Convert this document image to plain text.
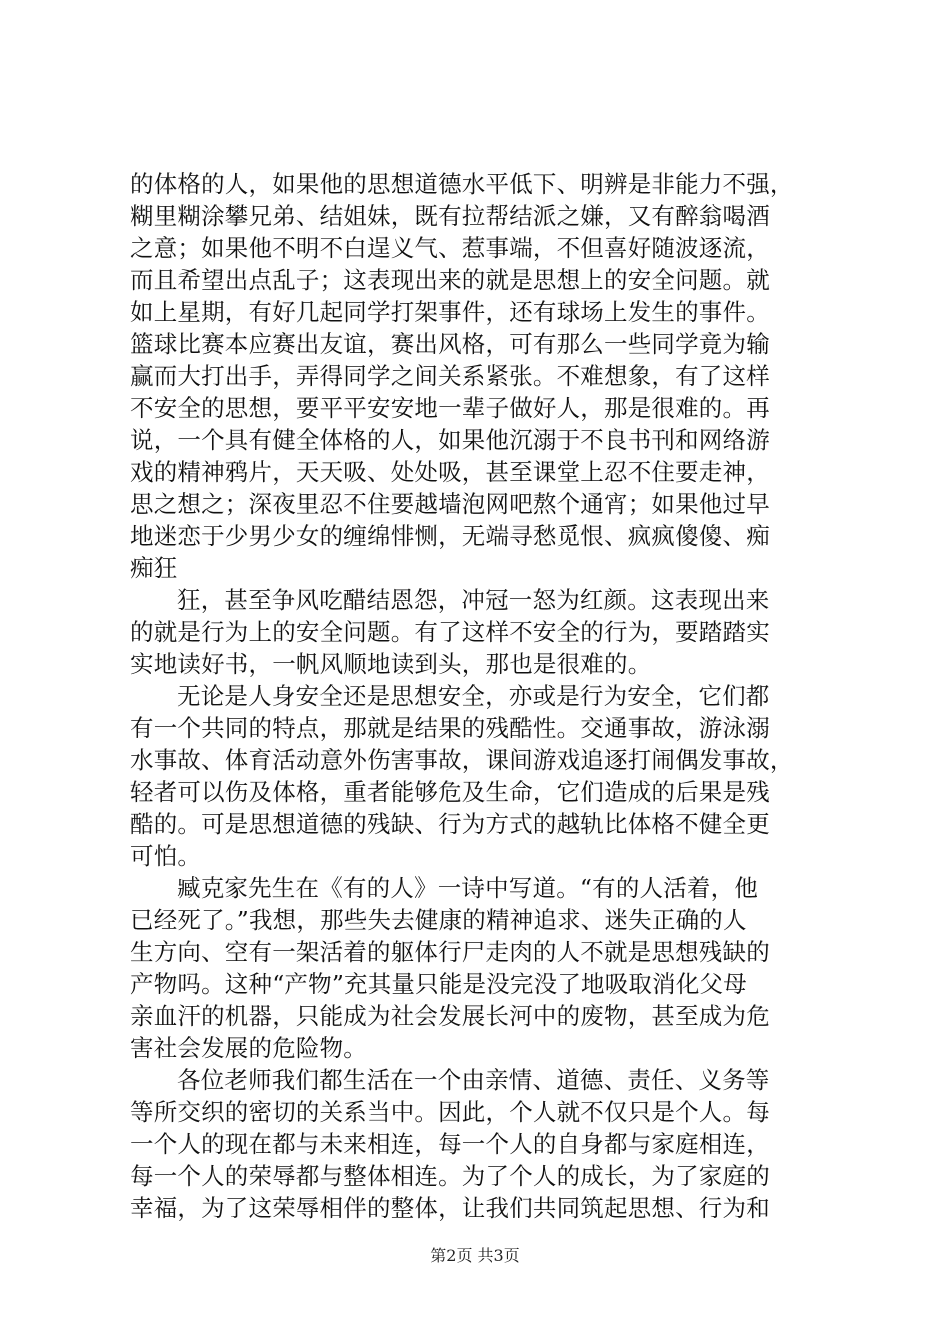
的体格的人，如果他的思想道德水平低下、明辨是非能力不强，
糊里糊涂攀兄弟、结姐妹，既有拉帮结派之嫌，又有醉翁喝酒
之意；如果他不明不白逞义气、惹事端，不但喜好随波逐流，
而且希望出点乱子；这表现出来的就是思想上的安全问题。就
如上星期，有好几起同学打架事件，还有球场上发生的事件。
篮球比赛本应赛出友谊，赛出风格，可有那么一些同学竟为输
赢而大打出手，弄得同学之间关系紧张。不难想象，有了这样
不安全的思想，要平平安安地一辈子做好人，那是很难的。再
说，一个具有健全体格的人，如果他沉溺于不良书刊和网络游
戏的精神鸦片，天天吸、处处吸，甚至课堂上忍不住要走神，
思之想之；深夜里忍不住要越墙泡网吧熬个通宵；如果他过早
地迷恋于少男少女的缠绵悱恻，无端寻愁觅恨、疯疯傻傻、痴
痴狂
狂，甚至争风吃醋结恩怨，冲冠一怒为红颜。这表现出来
的就是行为上的安全问题。有了这样不安全的行为，要踏踏实
实地读好书，一帆风顺地读到头，那也是很难的。
无论是人身安全还是思想安全，亦或是行为安全，它们都
有一个共同的特点，那就是结果的残酷性。交通事故，游泳溺
水事故、体育活动意外伤害事故，课间游戏追逐打闹偶发事故，
轻者可以伤及体格，重者能够危及生命，它们造成的后果是残
酷的。可是思想道德的残缺、行为方式的越轨比体格不健全更
可怕。
臧克家先生在《有的人》一诗中写道。“有的人活着，他
已经死了。”我想，那些失去健康的精神追求、迷失正确的人
生方向、空有一架活着的躯体行尸走肉的人不就是思想残缺的
产物吗。这种“产物”充其量只能是没完没了地吸取消化父母
亲血汗的机器，只能成为社会发展长河中的废物，甚至成为危
害社会发展的危险物。
各位老师我们都生活在一个由亲情、道德、责任、义务等
等所交织的密切的关系当中。因此，个人就不仅只是个人。每
一个人的现在都与未来相连，每一个人的自身都与家庭相连，
每一个人的荣辱都与整体相连。为了个人的成长，为了家庭的
幸福，为了这荣辱相伴的整体，让我们共同筑起思想、行为和
第2页 共3页
